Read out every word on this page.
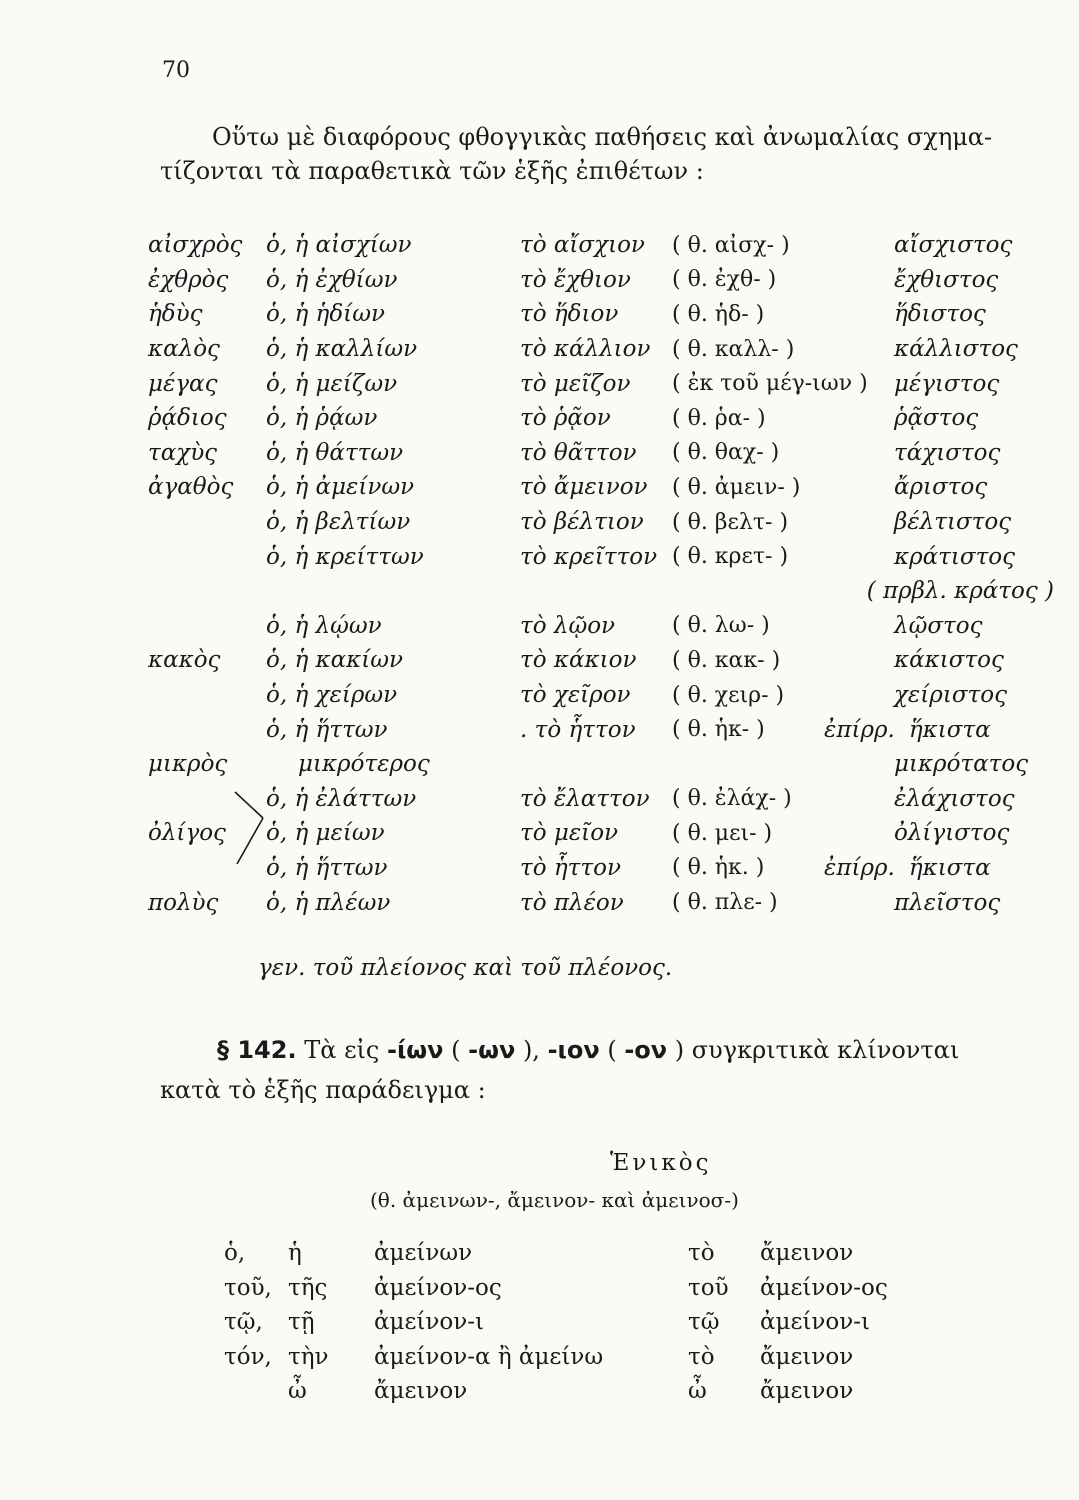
70
Οὕτω μὲ διαφόρους φθογγικὰς παθήσεις καὶ ἀνωμαλίας σχημα-
τίζονται τὰ παραθετικὰ τῶν ἑξῆς ἐπιθέτων :
αἰσχρὸς	ὁ, ἡ αἰσχίων	τὸ αἴσχιον	( θ. αἰσχ- )	αἴσχιστος
ἐχθρὸς	ὁ, ἡ ἐχθίων	τὸ ἔχθιον	( θ. ἐχθ- )	ἔχθιστος
ἡδὺς	ὁ, ἡ ἡδίων	τὸ ἥδιον	( θ. ἡδ- )	ἥδιστος
καλὸς	ὁ, ἡ καλλίων	τὸ κάλλιον	( θ. καλλ- )	κάλλιστος
μέγας	ὁ, ἡ μείζων	τὸ μεῖζον	( ἐκ τοῦ μέγ-ιων )	μέγιστος
ῥᾴδιος	ὁ, ἡ ῥᾴων	τὸ ῥᾷον	( θ. ῥα- )	ῥᾷστος
ταχὺς	ὁ, ἡ θάττων	τὸ θᾶττον	( θ. θαχ- )	τάχιστος
ἀγαθὸς	ὁ, ἡ ἀμείνων	τὸ ἄμεινον	( θ. ἀμειν- )	ἄριστος
	ὁ, ἡ βελτίων	τὸ βέλτιον	( θ. βελτ- )	βέλτιστος
	ὁ, ἡ κρείττων	τὸ κρεῖττον	( θ. κρετ- )	κράτιστος
( πρβλ. κράτος )				
	ὁ, ἡ λῴων	τὸ λῷον	( θ. λω- )	λῷστος
κακὸς	ὁ, ἡ κακίων	τὸ κάκιον	( θ. κακ- )	κάκιστος
	ὁ, ἡ χείρων	τὸ χεῖρον	( θ. χειρ- )	χείριστος
	ὁ, ἡ ἥττων	. τὸ ἧττον	( θ. ἡκ- )	ἐπίρρ. ἥκιστα
μικρὸς	μικρότερος			μικρότατος
	ὁ, ἡ ἐλάττων	τὸ ἔλαττον	( θ. ἐλάχ- )	ἐλάχιστος
ὀλίγος	ὁ, ἡ μείων	τὸ μεῖον	( θ. μει- )	ὀλίγιστος
	ὁ, ἡ ἥττων	τὸ ἧττον	( θ. ἡκ. )	ἐπίρρ. ἥκιστα
πολὺς	ὁ, ἡ πλέων	τὸ πλέον	( θ. πλε- )	πλεῖστος
γεν. τοῦ πλείονος καὶ τοῦ πλέονος.
§ 142. Τὰ εἰς -ίων ( -ων ), -ιον ( -ον ) συγκριτικὰ κλίνονται
κατὰ τὸ ἑξῆς παράδειγμα :
Ἑνικὸς
(θ. ἀμεινων-, ἄμεινον- καὶ ἀμεινοσ-)
ὁ,	ἡ	ἀμείνων	τὸ	ἄμεινον
τοῦ,	τῆς	ἀμείνον-ος	τοῦ	ἀμείνον-ος
τῷ,	τῇ	ἀμείνον-ι	τῷ	ἀμείνον-ι
τόν,	τὴν	ἀμείνον-α ἢ ἀμείνω	τὸ	ἄμεινον
	ὦ	ἄμεινον	ὦ	ἄμεινον
